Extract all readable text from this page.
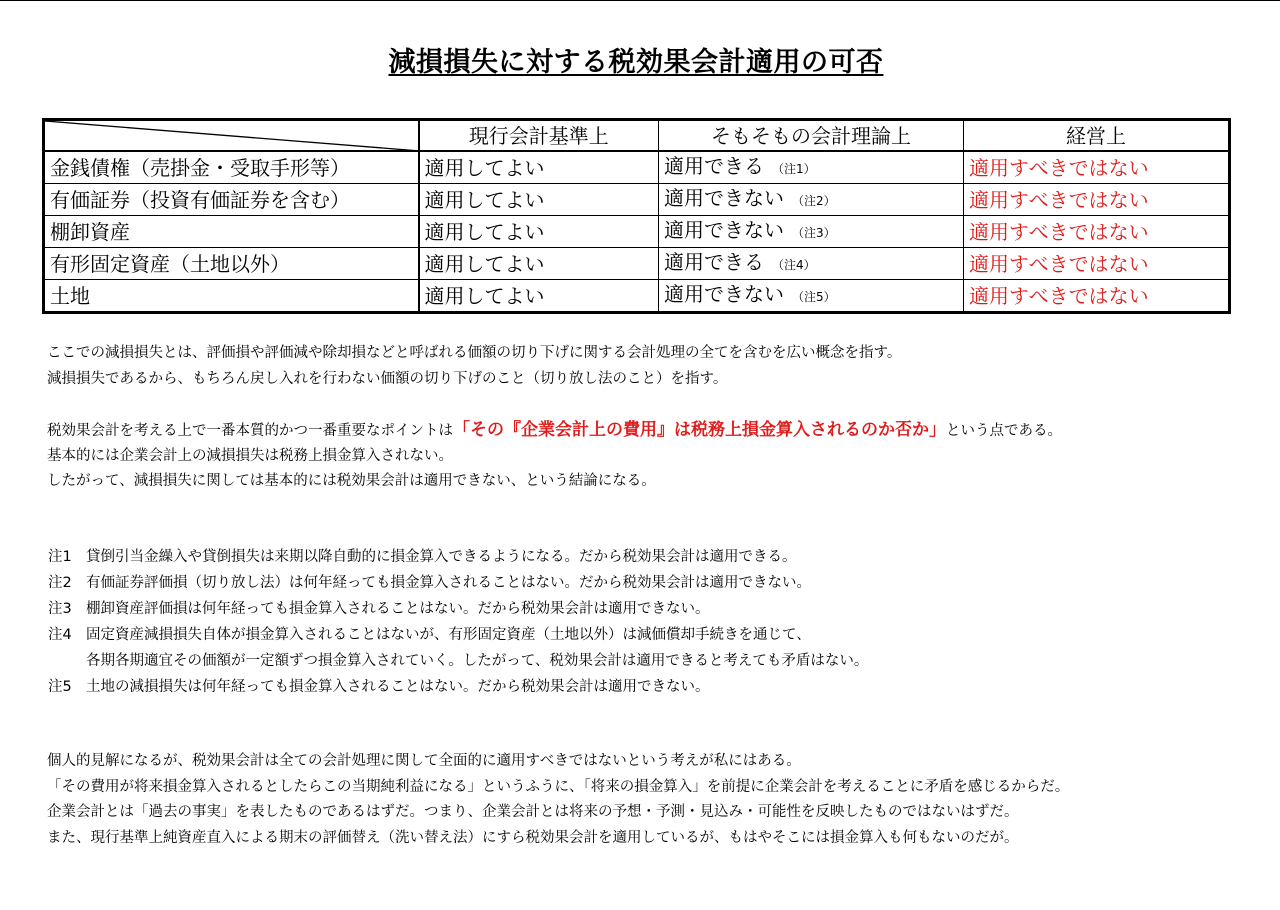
減損損失に対する税効果会計適用の可否
	現行会計基準上	そもそもの会計理論上	経営上
金銭債権（売掛金・受取手形等）	適用してよい	適用できる （注1）	適用すべきではない
有価証券（投資有価証券を含む）	適用してよい	適用できない （注2）	適用すべきではない
棚卸資産	適用してよい	適用できない （注3）	適用すべきではない
有形固定資産（土地以外）	適用してよい	適用できる （注4）	適用すべきではない
土地	適用してよい	適用できない （注5）	適用すべきではない
ここでの減損損失とは、評価損や評価減や除却損などと呼ばれる価額の切り下げに関する会計処理の全てを含むを広い概念を指す。
減損損失であるから、もちろん戻し入れを行わない価額の切り下げのこと（切り放し法のこと）を指す。
税効果会計を考える上で一番本質的かつ一番重要なポイントは「その『企業会計上の費用』は税務上損金算入されるのか否か」という点である。
基本的には企業会計上の減損損失は税務上損金算入されない。
したがって、減損損失に関しては基本的には税効果会計は適用できない、という結論になる。
注1 貸倒引当金繰入や貸倒損失は来期以降自動的に損金算入できるようになる。だから税効果会計は適用できる。
注2 有価証券評価損（切り放し法）は何年経っても損金算入されることはない。だから税効果会計は適用できない。
注3 棚卸資産評価損は何年経っても損金算入されることはない。だから税効果会計は適用できない。
注4 固定資産減損損失自体が損金算入されることはないが、有形固定資産（土地以外）は減価償却手続きを通じて、
各期各期適宜その価額が一定額ずつ損金算入されていく。したがって、税効果会計は適用できると考えても矛盾はない。
注5 土地の減損損失は何年経っても損金算入されることはない。だから税効果会計は適用できない。
個人的見解になるが、税効果会計は全ての会計処理に関して全面的に適用すべきではないという考えが私にはある。
「その費用が将来損金算入されるとしたらこの当期純利益になる」というふうに、「将来の損金算入」を前提に企業会計を考えることに矛盾を感じるからだ。
企業会計とは「過去の事実」を表したものであるはずだ。つまり、企業会計とは将来の予想・予測・見込み・可能性を反映したものではないはずだ。
また、現行基準上純資産直入による期末の評価替え（洗い替え法）にすら税効果会計を適用しているが、もはやそこには損金算入も何もないのだが。
